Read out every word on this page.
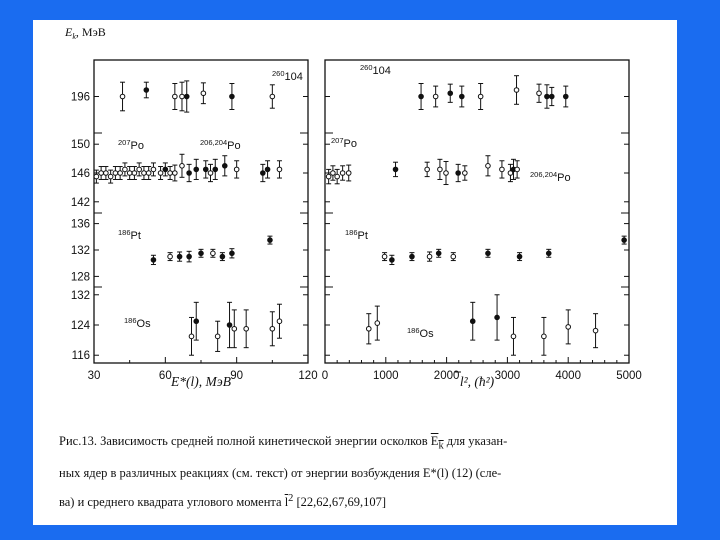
$E_k$, МэВ
196
$^{260}$104
$^{260}$104
142
146
150	$^{207}$Po	$^{207}$Po
$^{206,204}$Po
$^{206,204}$Po
128
132
136
$^{186}$Pt	$^{186}$Pt
116
124
132
$^{186}$Os
$^{186}$Os
30	60	90	120 0	1000	2000	3000	4000	5000
E*(l), МэВ	l², (ħ²)
Рис.13. Зависимость средней полной кинетической энергии осколков $E_k$ для указан-
ных ядер в различных реакциях (см. текст) от энергии возбуждения E*(l) (12) (сле-
ва) и среднего квадрата углового момента $\overline{l}^2$ [22,62,67,69,107]
